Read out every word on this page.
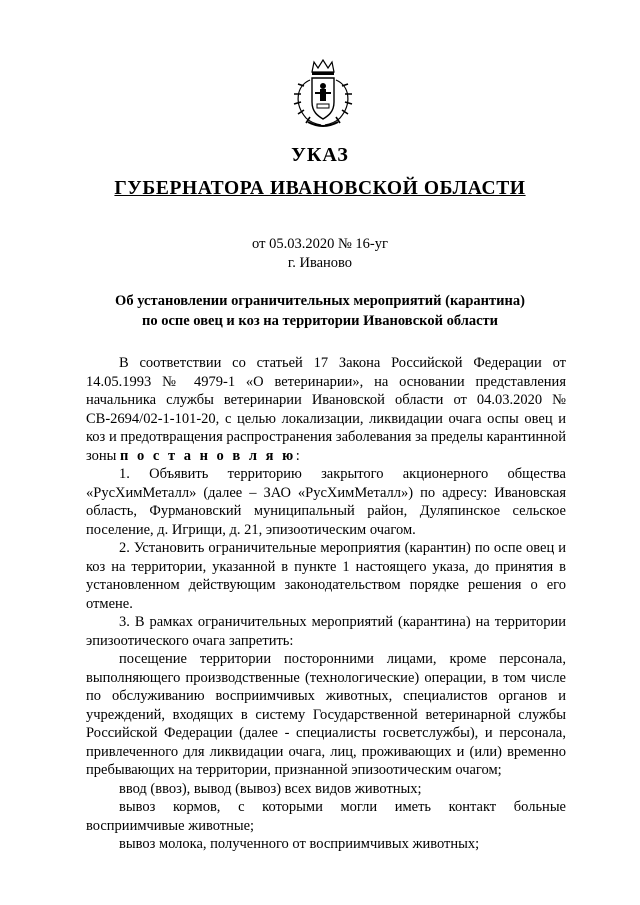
УКАЗ
ГУБЕРНАТОРА ИВАНОВСКОЙ ОБЛАСТИ
от 05.03.2020 № 16-уг
г. Иваново
Об установлении ограничительных мероприятий (карантина)
по оспе овец и коз на территории Ивановской области

В соответствии со статьей 17 Закона Российской Федерации от 14.05.1993 № 4979-1 «О ветеринарии», на основании представления начальника службы ветеринарии Ивановской области от 04.03.2020 № СВ-2694/02-1-101-20, с целью локализации, ликвидации очага оспы овец и коз и предотвращения распространения заболевания за пределы карантинной зоны п о с т а н о в л я ю:

1. Объявить территорию закрытого акционерного общества «РусХимМеталл» (далее – ЗАО «РусХимМеталл») по адресу: Ивановская область, Фурмановский муниципальный район, Дуляпинское сельское поселение, д. Игрищи, д. 21, эпизоотическим очагом.

2. Установить ограничительные мероприятия (карантин) по оспе овец и коз на территории, указанной в пункте 1 настоящего указа, до принятия в установленном действующим законодательством порядке решения о его отмене.

3. В рамках ограничительных мероприятий (карантина) на территории эпизоотического очага запретить:

посещение территории посторонними лицами, кроме персонала, выполняющего производственные (технологические) операции, в том числе по обслуживанию восприимчивых животных, специалистов органов и учреждений, входящих в систему Государственной ветеринарной службы Российской Федерации (далее - специалисты госветслужбы), и персонала, привлеченного для ликвидации очага, лиц, проживающих и (или) временно пребывающих на территории, признанной эпизоотическим очагом;

ввод (ввоз), вывод (вывоз) всех видов животных;

вывоз кормов, с которыми могли иметь контакт больные восприимчивые животные;

вывоз молока, полученного от восприимчивых животных;
